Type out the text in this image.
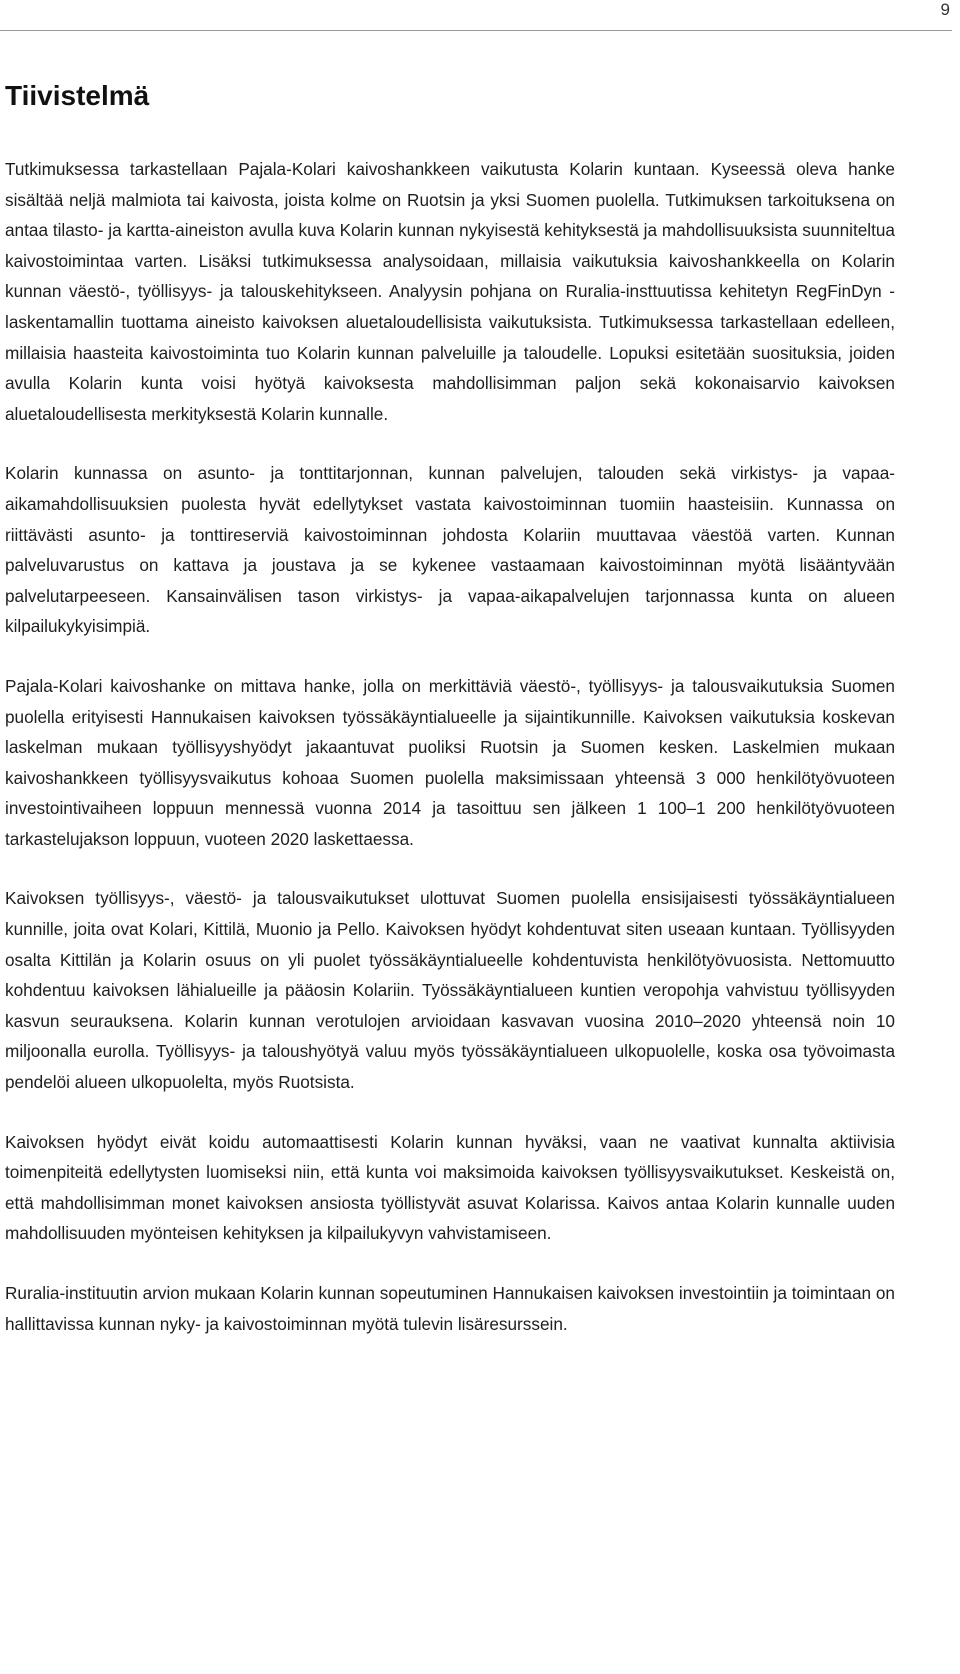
9
Tiivistelmä

Tutkimuksessa tarkastellaan Pajala-Kolari kaivoshankkeen vaikutusta Kolarin kuntaan. Kyseessä oleva hanke sisältää neljä malmiota tai kaivosta, joista kolme on Ruotsin ja yksi Suomen puolella. Tutkimuksen tarkoituksena on antaa tilasto- ja kartta-aineiston avulla kuva Kolarin kunnan nykyisestä kehityksestä ja mahdollisuuksista suunniteltua kaivostoimintaa varten. Lisäksi tutkimuksessa analysoidaan, millaisia vaikutuksia kaivoshankkeella on Kolarin kunnan väestö-, työllisyys- ja talouskehitykseen. Analyysin pohjana on Ruralia-insttuutissa kehitetyn RegFinDyn -laskentamallin tuottama aineisto kaivoksen aluetaloudellisista vaikutuksista. Tutkimuksessa tarkastellaan edelleen, millaisia haasteita kaivostoiminta tuo Kolarin kunnan palveluille ja taloudelle. Lopuksi esitetään suosituksia, joiden avulla Kolarin kunta voisi hyötyä kaivoksesta mahdollisimman paljon sekä kokonaisarvio kaivoksen aluetaloudellisesta merkityksestä Kolarin kunnalle.

Kolarin kunnassa on asunto- ja tonttitarjonnan, kunnan palvelujen, talouden sekä virkistys- ja vapaa-aikamahdollisuuksien puolesta hyvät edellytykset vastata kaivostoiminnan tuomiin haasteisiin. Kunnassa on riittävästi asunto- ja tonttireserviä kaivostoiminnan johdosta Kolariin muuttavaa väestöä varten. Kunnan palveluvarustus on kattava ja joustava ja se kykenee vastaamaan kaivostoiminnan myötä lisääntyvään palvelutarpeeseen. Kansainvälisen tason virkistys- ja vapaa-aikapalvelujen tarjonnassa kunta on alueen kilpailukykyisimpiä.

Pajala-Kolari kaivoshanke on mittava hanke, jolla on merkittäviä väestö-, työllisyys- ja talousvaikutuksia Suomen puolella erityisesti Hannukaisen kaivoksen työssäkäyntialueelle ja sijaintikunnille. Kaivoksen vaikutuksia koskevan laskelman mukaan työllisyyshyödyt jakaantuvat puoliksi Ruotsin ja Suomen kesken. Laskelmien mukaan kaivoshankkeen työllisyysvaikutus kohoaa Suomen puolella maksimissaan yhteensä 3 000 henkilötyövuoteen investointivaiheen loppuun mennessä vuonna 2014 ja tasoittuu sen jälkeen 1 100–1 200 henkilötyövuoteen tarkastelujakson loppuun, vuoteen 2020 laskettaessa.

Kaivoksen työllisyys-, väestö- ja talousvaikutukset ulottuvat Suomen puolella ensisijaisesti työssäkäyntialueen kunnille, joita ovat Kolari, Kittilä, Muonio ja Pello. Kaivoksen hyödyt kohdentuvat siten useaan kuntaan. Työllisyyden osalta Kittilän ja Kolarin osuus on yli puolet työssäkäyntialueelle kohdentuvista henkilötyövuosista. Nettomuutto kohdentuu kaivoksen lähialueille ja pääosin Kolariin. Työssäkäyntialueen kuntien veropohja vahvistuu työllisyyden kasvun seurauksena. Kolarin kunnan verotulojen arvioidaan kasvavan vuosina 2010–2020 yhteensä noin 10 miljoonalla eurolla. Työllisyys- ja taloushyötyä valuu myös työssäkäyntialueen ulkopuolelle, koska osa työvoimasta pendelöi alueen ulkopuolelta, myös Ruotsista.

Kaivoksen hyödyt eivät koidu automaattisesti Kolarin kunnan hyväksi, vaan ne vaativat kunnalta aktiivisia toimenpiteitä edellytysten luomiseksi niin, että kunta voi maksimoida kaivoksen työllisyysvaikutukset. Keskeistä on, että mahdollisimman monet kaivoksen ansiosta työllistyvät asuvat Kolarissa. Kaivos antaa Kolarin kunnalle uuden mahdollisuuden myönteisen kehityksen ja kilpailukyvyn vahvistamiseen.

Ruralia-instituutin arvion mukaan Kolarin kunnan sopeutuminen Hannukaisen kaivoksen investointiin ja toimintaan on hallittavissa kunnan nyky- ja kaivostoiminnan myötä tulevin lisäresurssein.
